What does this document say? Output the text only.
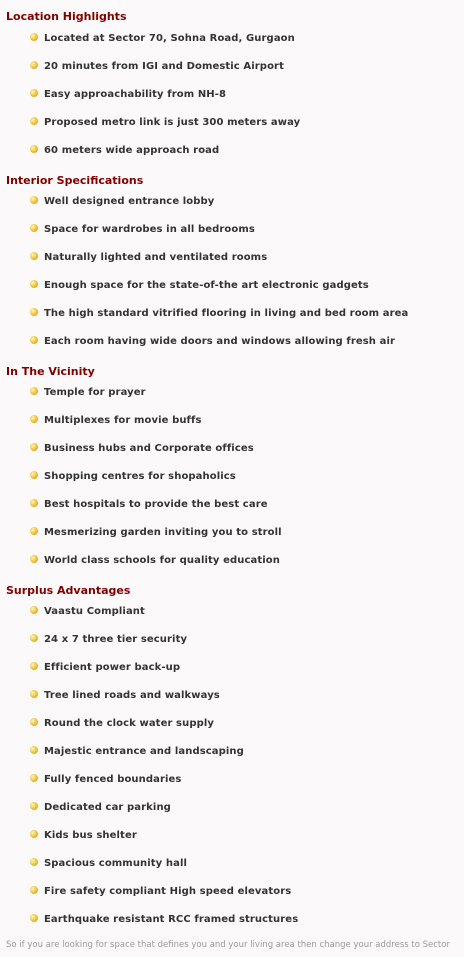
Location Highlights
Located at Sector 70, Sohna Road, Gurgaon
20 minutes from IGI and Domestic Airport
Easy approachability from NH-8
Proposed metro link is just 300 meters away
60 meters wide approach road
Interior Specifications
Well designed entrance lobby
Space for wardrobes in all bedrooms
Naturally lighted and ventilated rooms
Enough space for the state-of-the art electronic gadgets
The high standard vitrified flooring in living and bed room area
Each room having wide doors and windows allowing fresh air
In The Vicinity
Temple for prayer
Multiplexes for movie buffs
Business hubs and Corporate offices
Shopping centres for shopaholics
Best hospitals to provide the best care
Mesmerizing garden inviting you to stroll
World class schools for quality education
Surplus Advantages
Vaastu Compliant
24 x 7 three tier security
Efficient power back-up
Tree lined roads and walkways
Round the clock water supply
Majestic entrance and landscaping
Fully fenced boundaries
Dedicated car parking
Kids bus shelter
Spacious community hall
Fire safety compliant High speed elevators
Earthquake resistant RCC framed structures
So if you are looking for space that defines you and your living area then change your address to Sector
